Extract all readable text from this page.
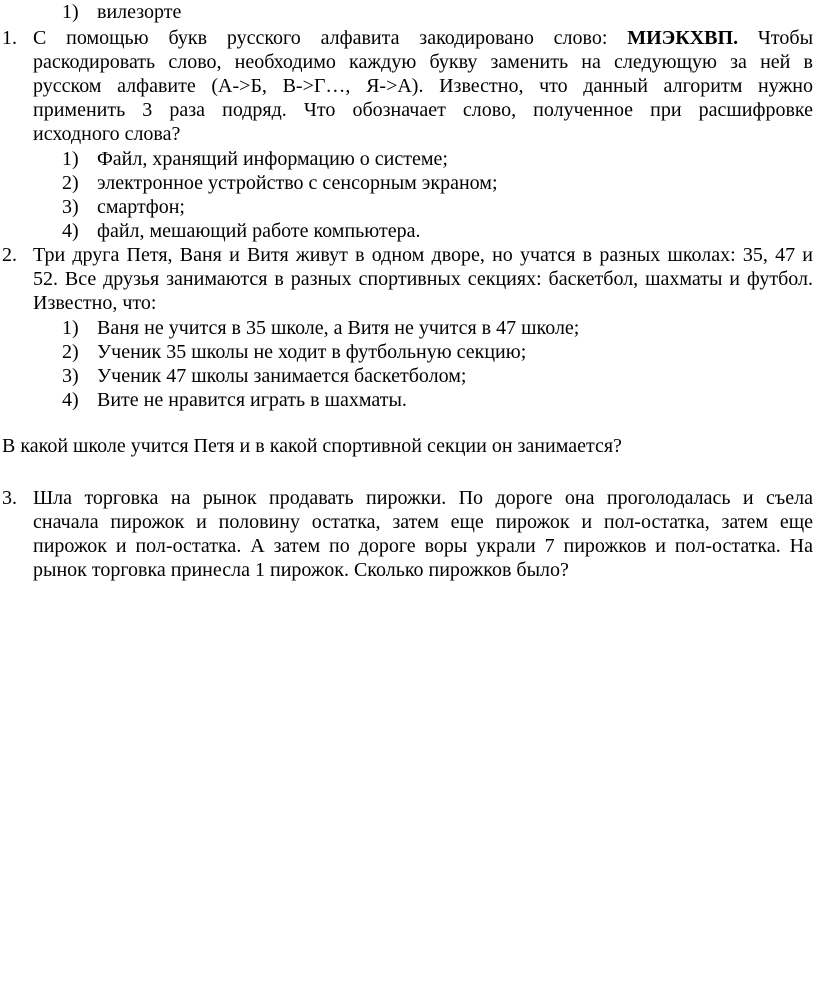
1) вилезорте
1. С помощью букв русского алфавита закодировано слово: МИЭКХВП. Чтобы
раскодировать слово, необходимо каждую букву заменить на следующую за ней в
русском алфавите (А->Б, В->Г…, Я->А). Известно, что данный алгоритм нужно
применить 3 раза подряд. Что обозначает слово, полученное при расшифровке
исходного слова?
1) Файл, хранящий информацию о системе;
2) электронное устройство с сенсорным экраном;
3) смартфон;
4) файл, мешающий работе компьютера.
2. Три друга Петя, Ваня и Витя живут в одном дворе, но учатся в разных школах: 35, 47 и
52. Все друзья занимаются в разных спортивных секциях: баскетбол, шахматы и футбол.
Известно, что:
1) Ваня не учится в 35 школе, а Витя не учится в 47 школе;
2) Ученик 35 школы не ходит в футбольную секцию;
3) Ученик 47 школы занимается баскетболом;
4) Вите не нравится играть в шахматы.
В какой школе учится Петя и в какой спортивной секции он занимается?
3. Шла торговка на рынок продавать пирожки. По дороге она проголодалась и съела
сначала пирожок и половину остатка, затем еще пирожок и пол-остатка, затем еще
пирожок и пол-остатка. А затем по дороге воры украли 7 пирожков и пол-остатка. На
рынок торговка принесла 1 пирожок. Сколько пирожков было?
